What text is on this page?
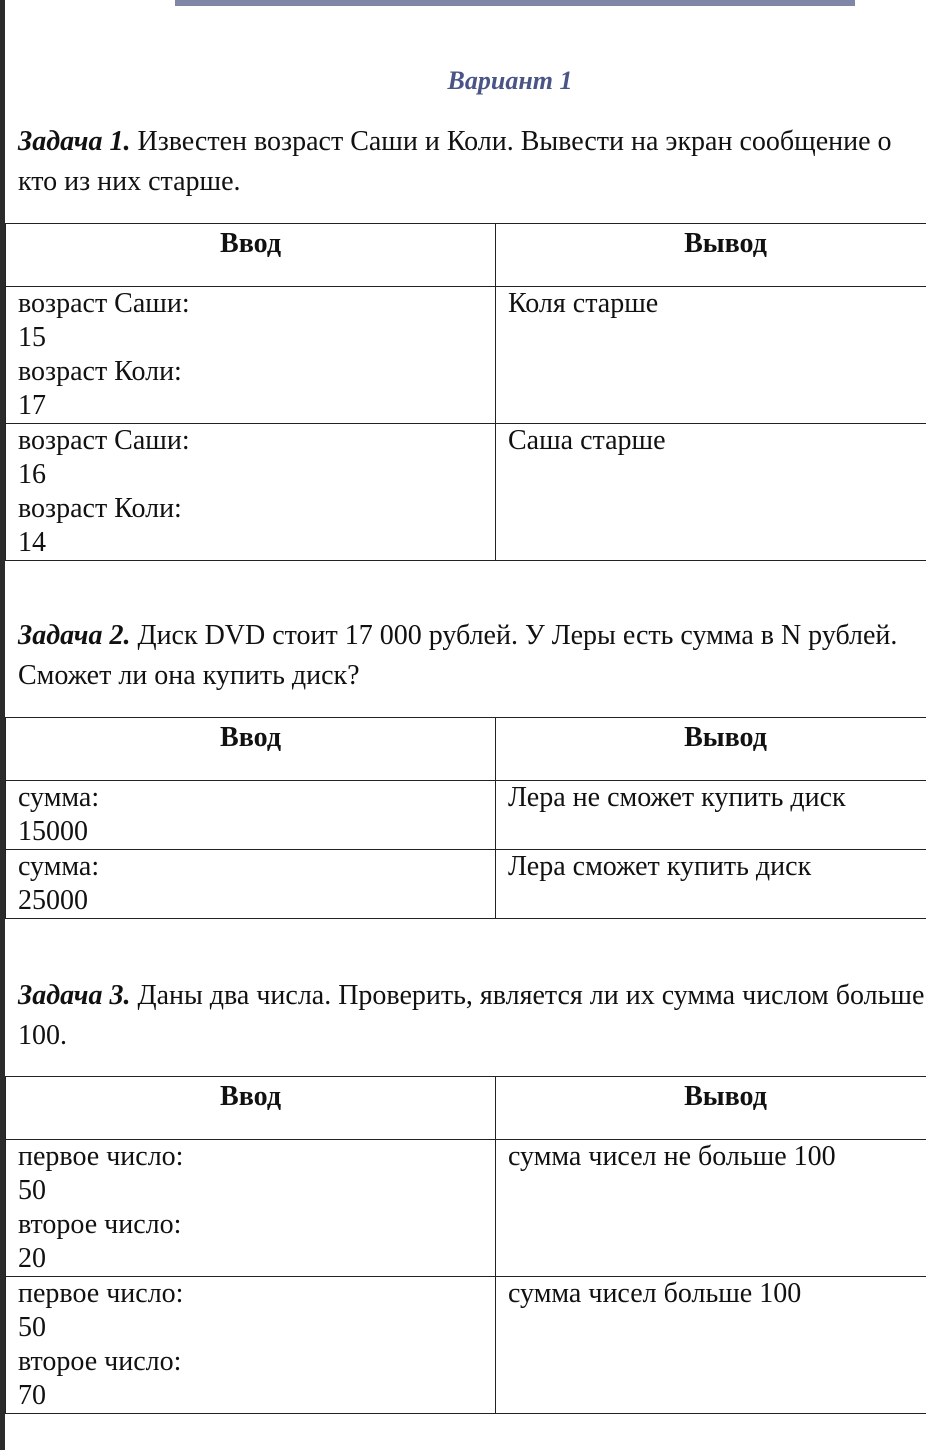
Вариант 1
Задача 1. Известен возраст Саши и Коли. Вывести на экран сообщение о
кто из них старше.
Ввод	Вывод

возраст Саши:
15
возраст Коли:
17	Коля старше

возраст Саши:
16
возраст Коли:
14	Саша старше
Задача 2. Диск DVD стоит 17 000 рублей. У Леры есть сумма в N рублей.
Сможет ли она купить диск?
Ввод	Вывод

сумма:
15000	Лера не сможет купить диск

сумма:
25000	Лера сможет купить диск
Задача 3. Даны два числа. Проверить, является ли их сумма числом больше
100.
Ввод	Вывод

первое число:
50
второе число:
20	сумма чисел не больше 100

первое число:
50
второе число:
70	сумма чисел больше 100
